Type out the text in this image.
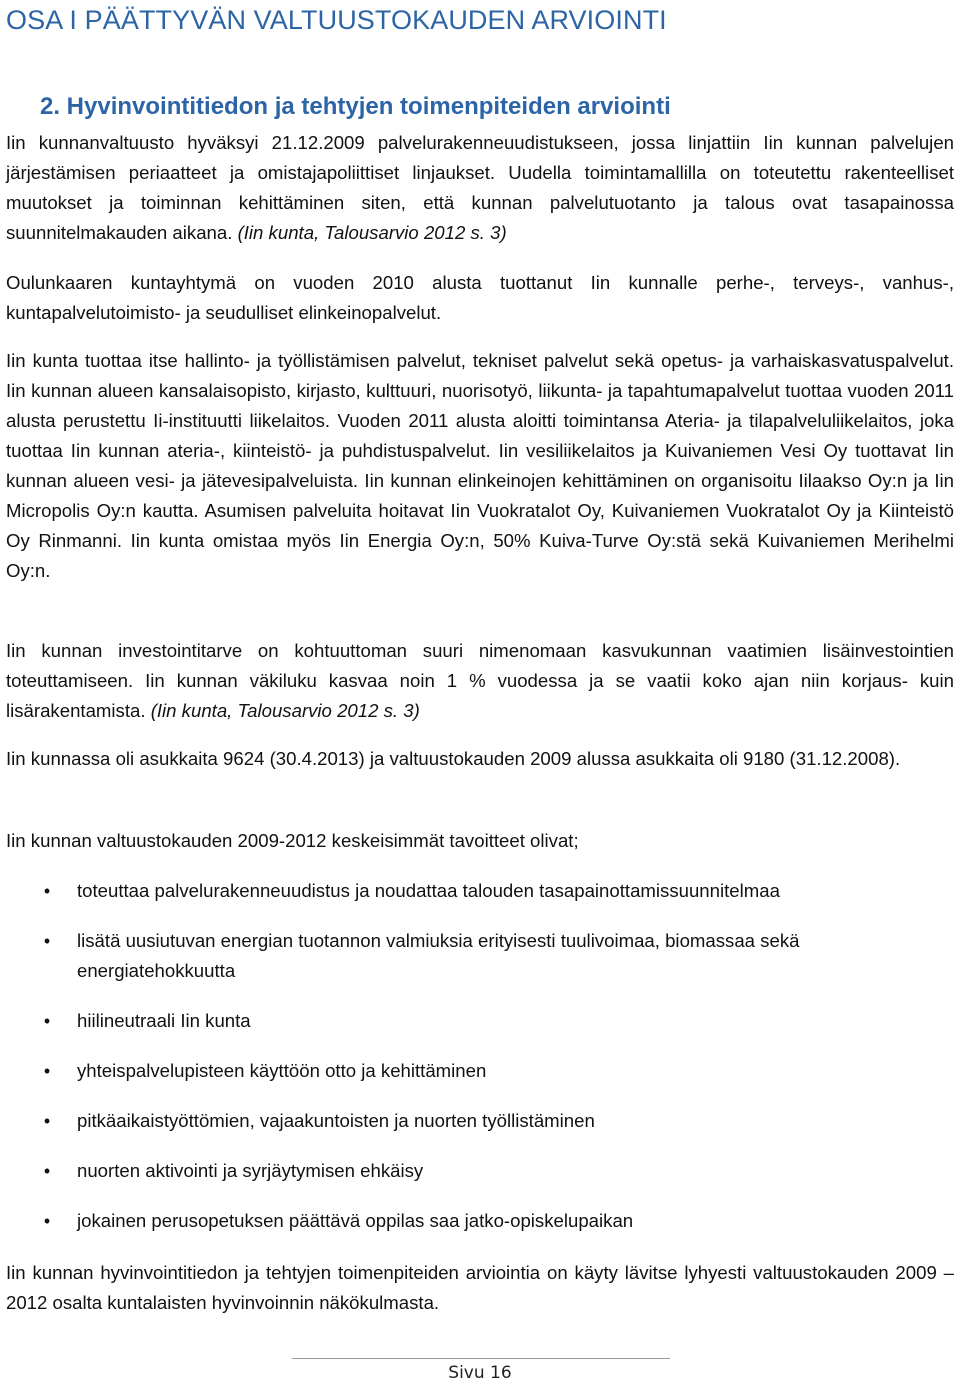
OSA I PÄÄTTYVÄN VALTUUSTOKAUDEN ARVIOINTI
2. Hyvinvointitiedon ja tehtyjen toimenpiteiden arviointi

Iin kunnanvaltuusto hyväksyi 21.12.2009 palvelurakenneuudistukseen, jossa linjattiin Iin kunnan palvelujen järjestämisen periaatteet ja omistajapoliittiset linjaukset. Uudella toimintamallilla on toteutettu rakenteelliset muutokset ja toiminnan kehittäminen siten, että kunnan palvelutuotanto ja talous ovat tasapainossa suunnitelmakauden aikana. (Iin kunta, Talousarvio 2012 s. 3)

Oulunkaaren kuntayhtymä on vuoden 2010 alusta tuottanut Iin kunnalle perhe-, terveys-, vanhus-, kuntapalvelutoimisto- ja seudulliset elinkeinopalvelut.

Iin kunta tuottaa itse hallinto- ja työllistämisen palvelut, tekniset palvelut sekä opetus- ja varhaiskasvatuspalvelut. Iin kunnan alueen kansalaisopisto, kirjasto, kulttuuri, nuorisotyö, liikunta- ja tapahtumapalvelut tuottaa vuoden 2011 alusta perustettu Ii-instituutti liikelaitos. Vuoden 2011 alusta aloitti toimintansa Ateria- ja tilapalveluliikelaitos, joka tuottaa Iin kunnan ateria-, kiinteistö- ja puhdistuspalvelut. Iin vesiliikelaitos ja Kuivaniemen Vesi Oy tuottavat Iin kunnan alueen vesi- ja jätevesipalveluista. Iin kunnan elinkeinojen kehittäminen on organisoitu Iilaakso Oy:n ja Iin Micropolis Oy:n kautta. Asumisen palveluita hoitavat Iin Vuokratalot Oy, Kuivaniemen Vuokratalot Oy ja Kiinteistö Oy Rinmanni. Iin kunta omistaa myös Iin Energia Oy:n, 50% Kuiva-Turve Oy:stä sekä Kuivaniemen Merihelmi Oy:n.

Iin kunnan investointitarve on kohtuuttoman suuri nimenomaan kasvukunnan vaatimien lisäinvestointien toteuttamiseen. Iin kunnan väkiluku kasvaa noin 1 % vuodessa ja se vaatii koko ajan niin korjaus- kuin lisärakentamista. (Iin kunta, Talousarvio 2012 s. 3)

Iin kunnassa oli asukkaita 9624 (30.4.2013) ja valtuustokauden 2009 alussa asukkaita oli 9180 (31.12.2008).

Iin kunnan valtuustokauden 2009-2012 keskeisimmät tavoitteet olivat;

• toteuttaa palvelurakenneuudistus ja noudattaa talouden tasapainottamissuunnitelmaa
• lisätä uusiutuvan energian tuotannon valmiuksia erityisesti tuulivoimaa, biomassaa sekä energiatehokkuutta
• hiilineutraali Iin kunta
• yhteispalvelupisteen käyttöön otto ja kehittäminen
• pitkäaikaistyöttömien, vajaakuntoisten ja nuorten työllistäminen
• nuorten aktivointi ja syrjäytymisen ehkäisy
• jokainen perusopetuksen päättävä oppilas saa jatko-opiskelupaikan

Iin kunnan hyvinvointitiedon ja tehtyjen toimenpiteiden arviointia on käyty lävitse lyhyesti valtuustokauden 2009 – 2012 osalta kuntalaisten hyvinvoinnin näkökulmasta.

Sivu 16
